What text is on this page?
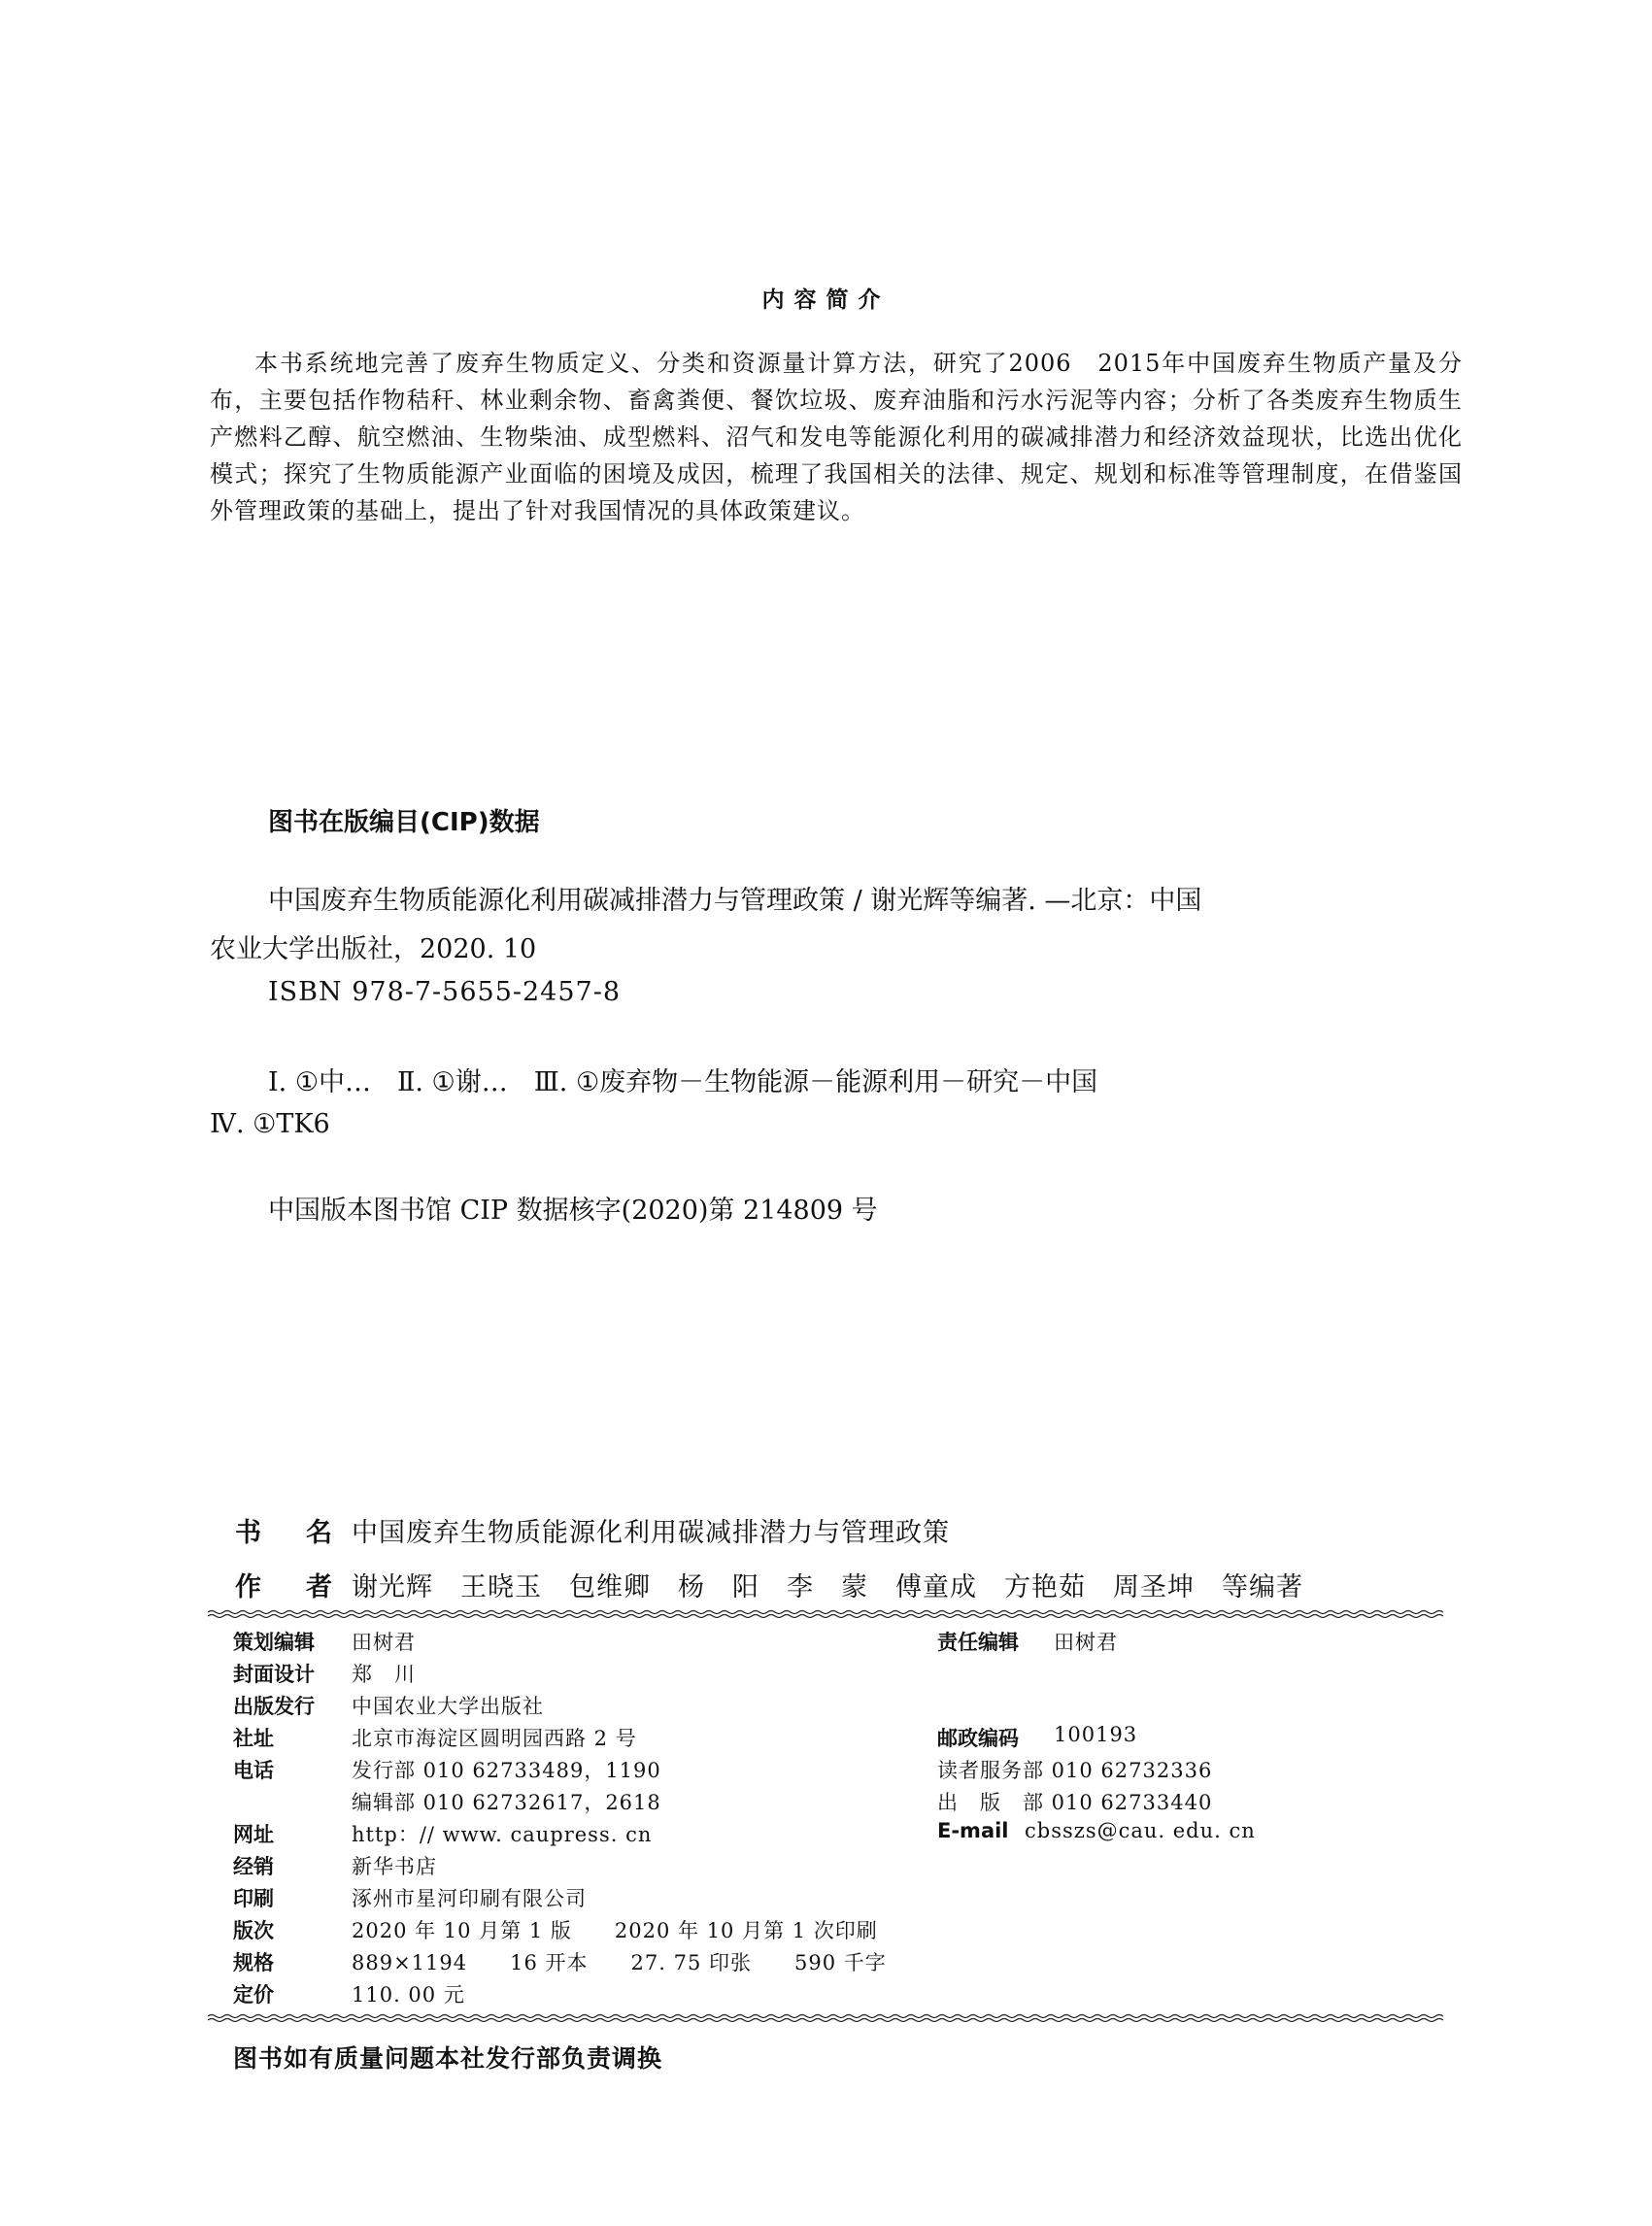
内容简介
本书系统地完善了废弃生物质定义、分类和资源量计算方法，研究了2006　2015年中国废弃生物质产量及分布，主要包括作物秸秆、林业剩余物、畜禽粪便、餐饮垃圾、废弃油脂和污水污泥等内容；分析了各类废弃生物质生产燃料乙醇、航空燃油、生物柴油、成型燃料、沼气和发电等能源化利用的碳减排潜力和经济效益现状，比选出优化模式；探究了生物质能源产业面临的困境及成因，梳理了我国相关的法律、规定、规划和标准等管理制度，在借鉴国外管理政策的基础上，提出了针对我国情况的具体政策建议。
图书在版编目(CIP)数据
中国废弃生物质能源化利用碳减排潜力与管理政策 / 谢光辉等编著. —北京：中国
农业大学出版社，2020. 10
ISBN 978-7-5655-2457-8
Ⅰ. ①中…　Ⅱ. ①谢…　Ⅲ. ①废弃物－生物能源－能源利用－研究－中国
Ⅳ. ①TK6
中国版本图书馆 CIP 数据核字(2020)第 214809 号
书名
中国废弃生物质能源化利用碳减排潜力与管理政策
作者
谢光辉　王晓玉　包维卿　杨　阳　李　蒙　傅童成　方艳茹　周圣坤　等编著
策划编辑	田树君	责任编辑	田树君
封面设计	郑　川
出版发行	中国农业大学出版社
社址	北京市海淀区圆明园西路 2 号	邮政编码	100193
电话	发行部 010 62733489，1190	读者服务部 010 62732336
编辑部 010 62732617，2618	出　版　部 010 62733440
网址	http：// www. caupress. cn	E-mail cbsszs@cau. edu. cn
经销	新华书店
印刷	涿州市星河印刷有限公司
版次	2020 年 10 月第 1 版　　2020 年 10 月第 1 次印刷
规格	889×1194　　16 开本　　27. 75 印张　　590 千字
定价	110. 00 元
图书如有质量问题本社发行部负责调换
